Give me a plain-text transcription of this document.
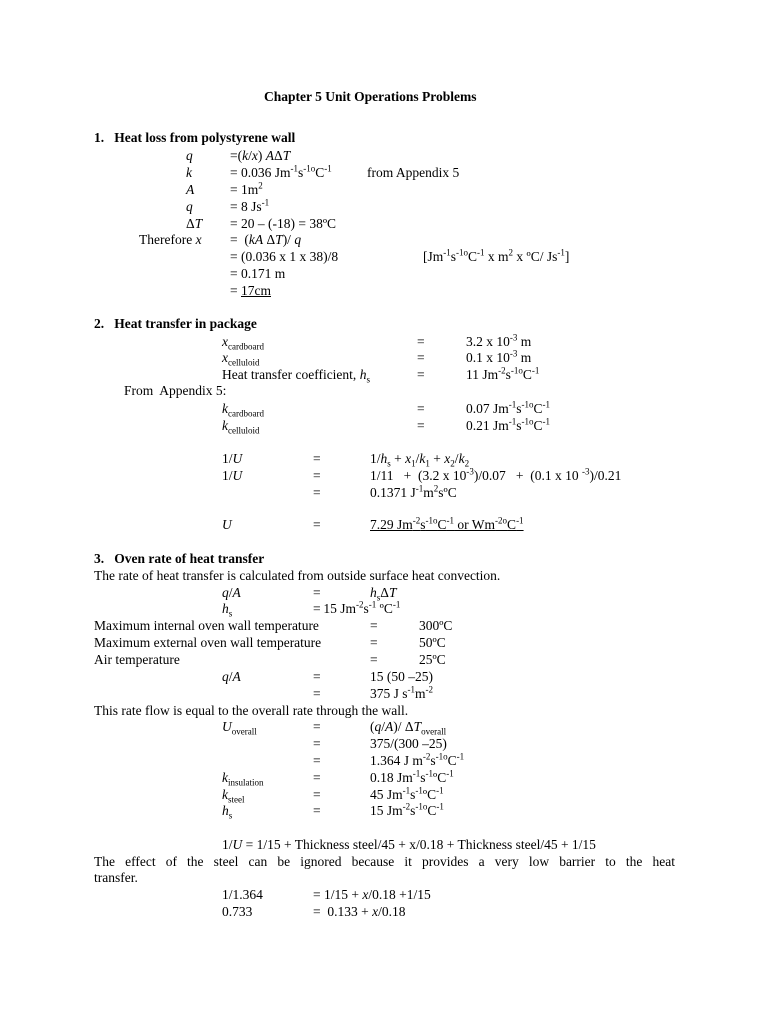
Chapter 5 Unit Operations Problems
1.   Heat loss from polystyrene wall
q	=(k/x) AΔT
k	= 0.036 $Jm^{-1}s^{-1o}C^{-1}$	from Appendix 5
A	= $1m^2$
q	= 8 $Js^{-1}$
ΔT = 20 – (-18) = 38ºC
Therefore x =  (kA ΔT)/ q
= (0.036 x 1 x 38)/8	[$Jm^{-1}s^{-1o}C^{-1}$ x $m^2$ x ºC/ $Js^{-1}$]
= 0.171 m
= 17cm
2.   Heat transfer in package
$x_{cardboard}$	=	3.2 x $10^{-3}$ m
$x_{celluloid}$	=	0.1 x $10^{-3}$ m
Heat transfer coefficient, $h_s$	=	11 $Jm^{-2}s^{-1o}C^{-1}$
From  Appendix 5:
$k_{cardboard}$	=	0.07 $Jm^{-1}s^{-1o}C^{-1}$
$k_{celluloid}$	=	0.21 $Jm^{-1}s^{-1o}C^{-1}$
1/U	=	$1/h_s + x_1/k_1 + x_2/k_2$
1/U	=	1/11   +  (3.2 x $10^{-3})/0.07 + (0.1$ x 10 $^{-3}$)/0.21
=	0.1371 $J^{-1}m^2sºC$
U	=	7.29 $Jm^{-2}s^{-1o}C^{-1}$ or $Wm^{-2o}C^{-1}$
3.   Oven rate of heat transfer
The rate of heat transfer is calculated from outside surface heat convection.
q/A	=	$h_s\Delta T$
$h_s$	= 15 $Jm^{-2}s^{-1}$ ºC$^{-1}$
Maximum internal oven wall temperature	=	300ºC
Maximum external oven wall temperature	=	50ºC
Air temperature	=	25ºC
q/A	=	15 (50 –25)
=	375 J $s^{-1}m^{-2}$
This rate flow is equal to the overall rate through the wall.
$U_{overall}$	=	(q/A)/ $\Delta T_{overall}$
=	375/(300 –25)
=	1.364 J $m^{-2}s^{-1o}C^{-1}$
$k_{insulation}$	=	0.18 $Jm^{-1}s^{-1}ºC^{-1}$
$k_{steel}$	=	45 $Jm^{-1}s^{-1}ºC^{-1}$
$h_s$	=	15 $Jm^{-2}s^{-1o}C^{-1}$
1/U = 1/15 + Thickness steel/45 + x/0.18 + Thickness steel/45 + 1/15
The effect of the steel can be ignored because it provides a very low barrier to the heat
transfer.
1/1.364	= 1/15 + x/0.18 +1/15
0.733	=  0.133 + x/0.18
